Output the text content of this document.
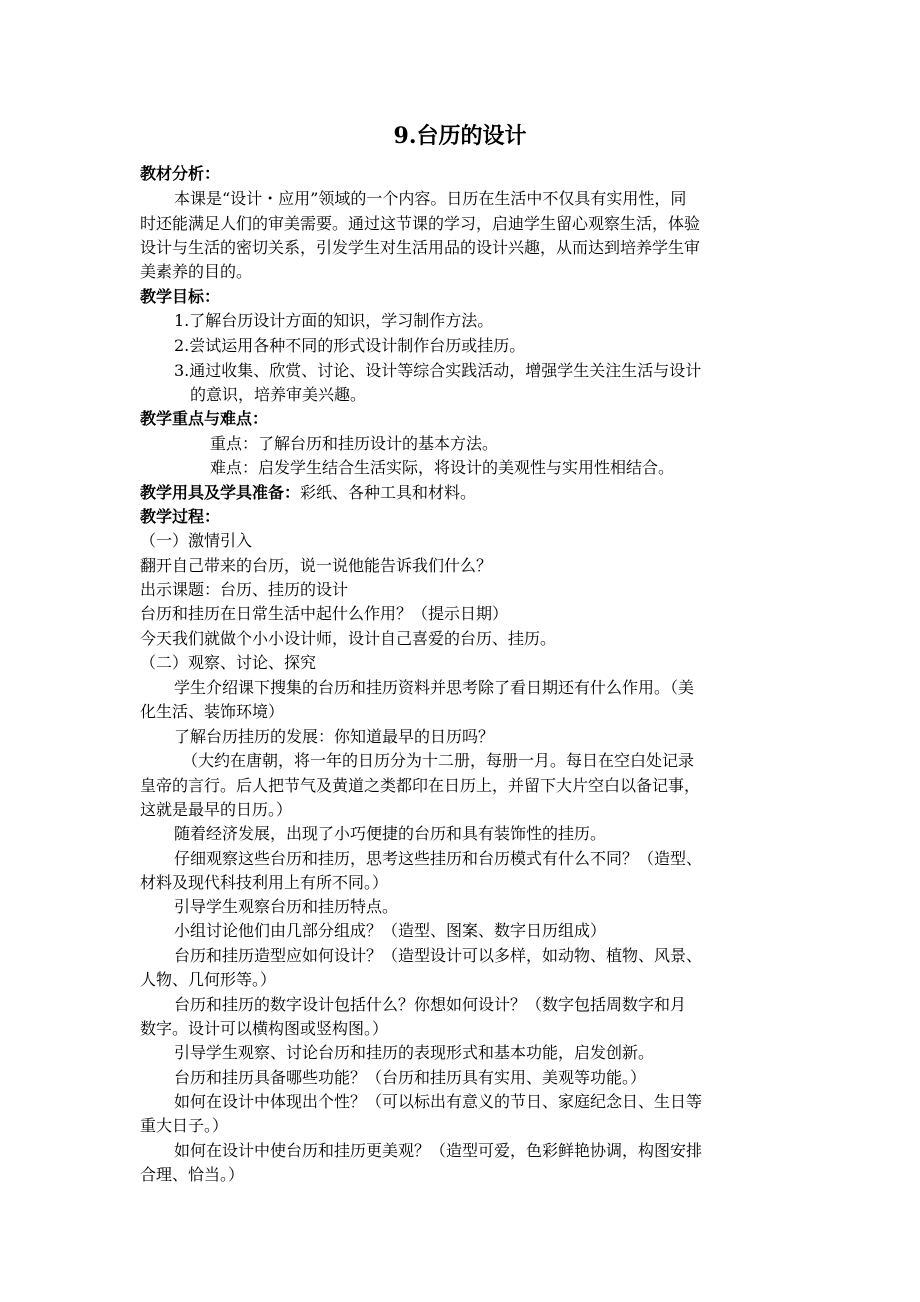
9.台历的设计
教材分析：
本课是“设计・应用”领域的一个内容。日历在生活中不仅具有实用性，同
时还能满足人们的审美需要。通过这节课的学习，启迪学生留心观察生活，体验
设计与生活的密切关系，引发学生对生活用品的设计兴趣，从而达到培养学生审
美素养的目的。
教学目标：
1.了解台历设计方面的知识，学习制作方法。
2.尝试运用各种不同的形式设计制作台历或挂历。
3.通过收集、欣赏、讨论、设计等综合实践活动，增强学生关注生活与设计
的意识，培养审美兴趣。
教学重点与难点：
重点：了解台历和挂历设计的基本方法。
难点：启发学生结合生活实际，将设计的美观性与实用性相结合。
教学用具及学具准备：彩纸、各种工具和材料。
教学过程：
（一）激情引入
翻开自己带来的台历，说一说他能告诉我们什么？
出示课题：台历、挂历的设计
台历和挂历在日常生活中起什么作用？（提示日期）
今天我们就做个小小设计师，设计自己喜爱的台历、挂历。
（二）观察、讨论、探究
学生介绍课下搜集的台历和挂历资料并思考除了看日期还有什么作用。（美
化生活、装饰环境）
了解台历挂历的发展：你知道最早的日历吗？
（大约在唐朝，将一年的日历分为十二册，每册一月。每日在空白处记录
皇帝的言行。后人把节气及黄道之类都印在日历上，并留下大片空白以备记事，
这就是最早的日历。）
随着经济发展，出现了小巧便捷的台历和具有装饰性的挂历。
仔细观察这些台历和挂历，思考这些挂历和台历模式有什么不同？（造型、
材料及现代科技利用上有所不同。）
引导学生观察台历和挂历特点。
小组讨论他们由几部分组成？（造型、图案、数字日历组成）
台历和挂历造型应如何设计？（造型设计可以多样，如动物、植物、风景、
人物、几何形等。）
台历和挂历的数字设计包括什么？你想如何设计？（数字包括周数字和月
数字。设计可以横构图或竖构图。）
引导学生观察、讨论台历和挂历的表现形式和基本功能，启发创新。
台历和挂历具备哪些功能？（台历和挂历具有实用、美观等功能。）
如何在设计中体现出个性？（可以标出有意义的节日、家庭纪念日、生日等
重大日子。）
如何在设计中使台历和挂历更美观？（造型可爱，色彩鲜艳协调，构图安排
合理、恰当。）
